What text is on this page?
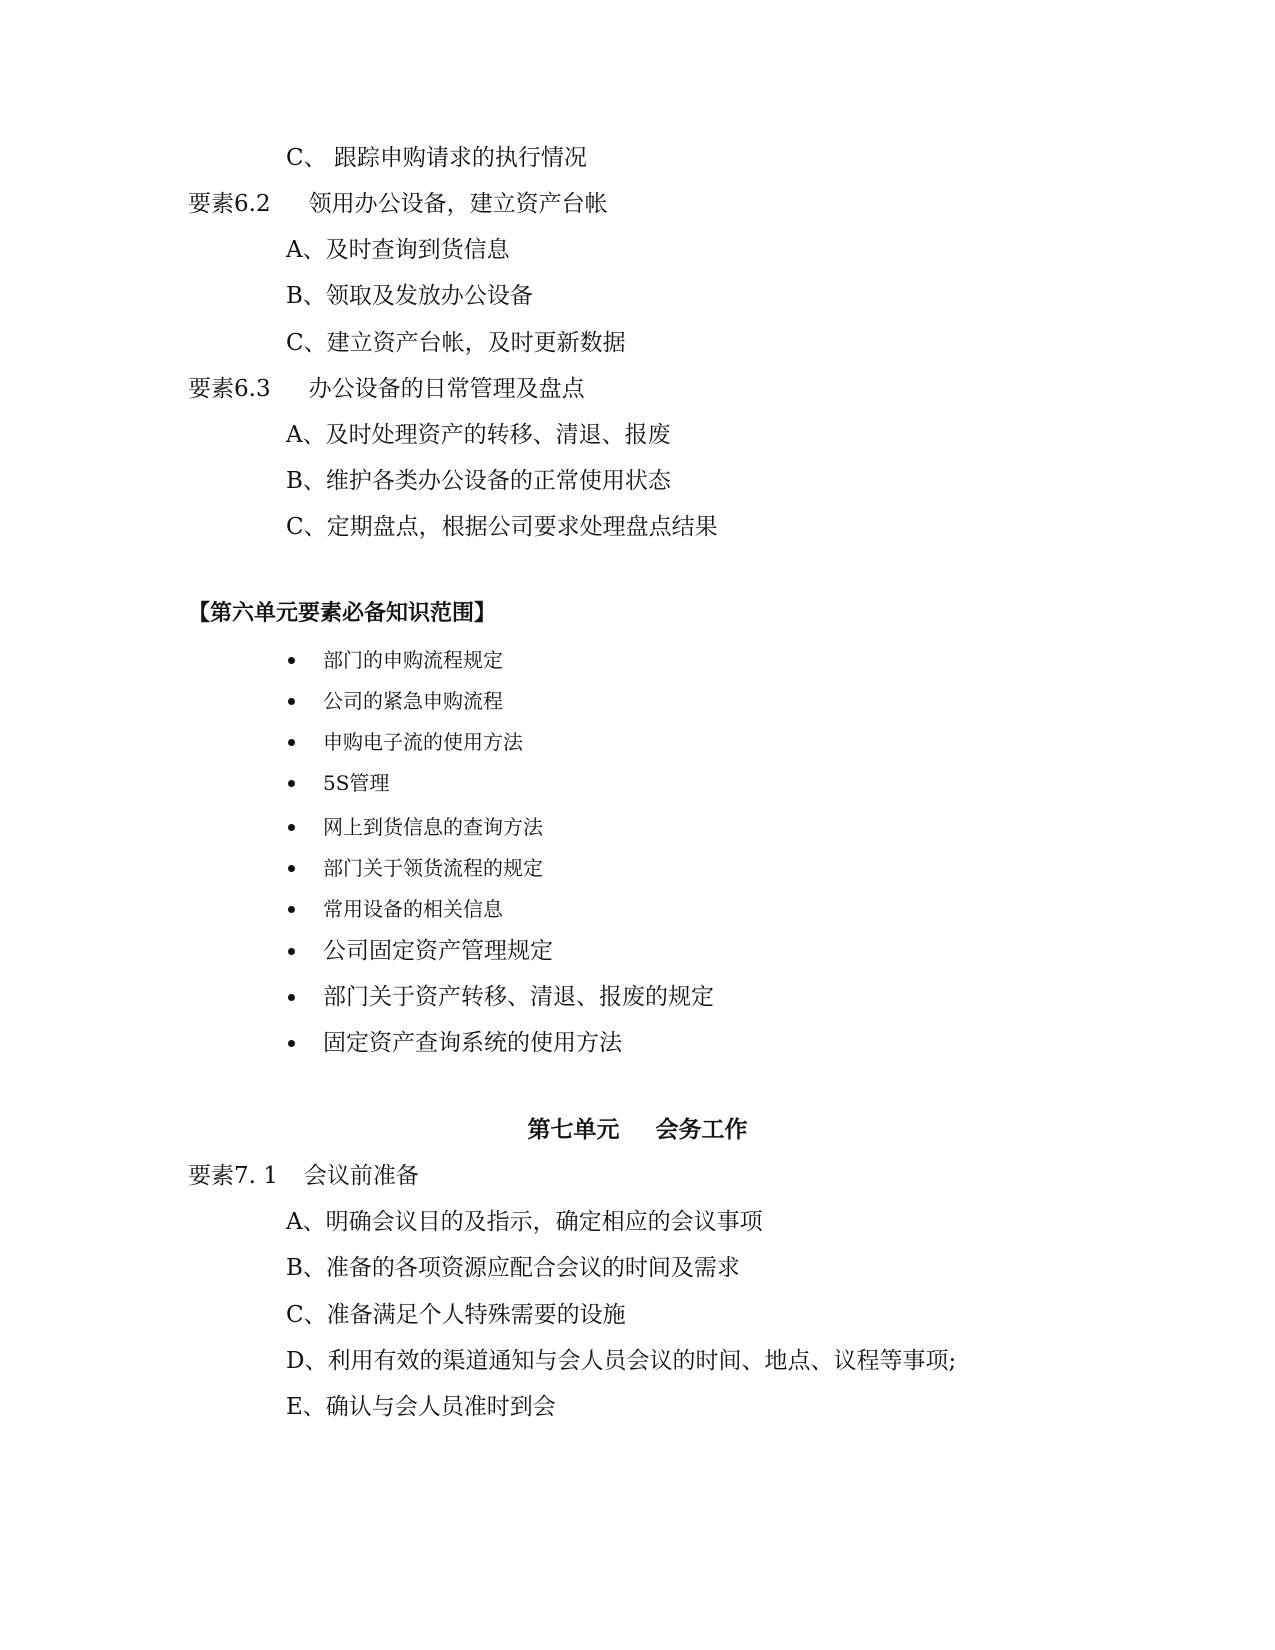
C、 跟踪申购请求的执行情况
要素6.2 领用办公设备，建立资产台帐
A、及时查询到货信息
B、领取及发放办公设备
C、建立资产台帐，及时更新数据
要素6.3 办公设备的日常管理及盘点
A、及时处理资产的转移、清退、报废
B、维护各类办公设备的正常使用状态
C、定期盘点，根据公司要求处理盘点结果
【第六单元要素必备知识范围】
部门的申购流程规定
公司的紧急申购流程
申购电子流的使用方法
5S管理
网上到货信息的查询方法
部门关于领货流程的规定
常用设备的相关信息
公司固定资产管理规定
部门关于资产转移、清退、报废的规定
固定资产查询系统的使用方法
第七单元 会务工作
要素7. 1 会议前准备
A、明确会议目的及指示，确定相应的会议事项
B、准备的各项资源应配合会议的时间及需求
C、准备满足个人特殊需要的设施
D、利用有效的渠道通知与会人员会议的时间、地点、议程等事项;
E、确认与会人员准时到会
